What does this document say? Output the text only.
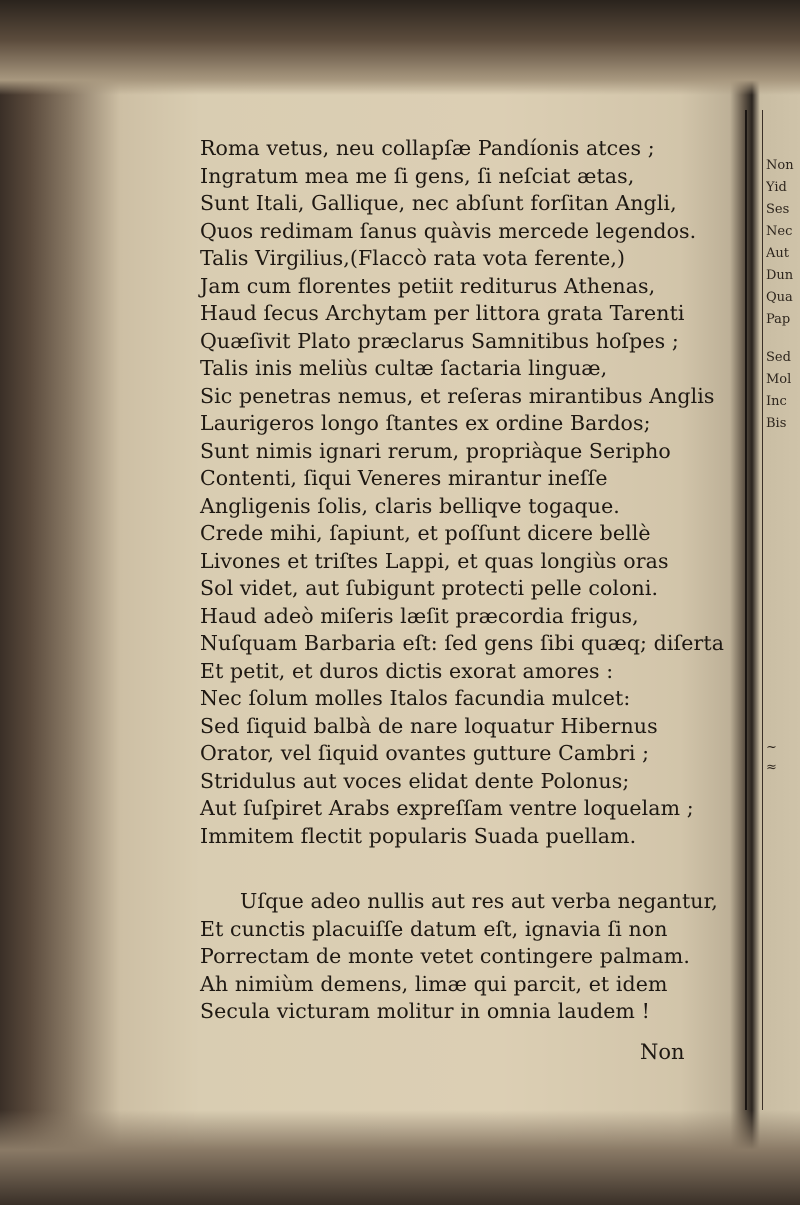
Roma vetus, neu collapſæ Pandíonis atces ;
Ingratum mea me ſi gens, ſi neſciat ætas,
Sunt Itali, Gallique, nec abſunt forſitan Angli,
Quos redimam ſanus quàvis mercede legendos.
Talis Virgilius,(Flaccò rata vota ferente,)
Jam cum florentes petiit rediturus Athenas,
Haud ſecus Archytam per littora grata Tarenti
Quæſivit Plato præclarus Samnitibus hoſpes ;
Talis inis meliùs cultæ ſactaria linguæ,
Sic penetras nemus, et reſeras mirantibus Anglis
Laurigeros longo ſtantes ex ordine Bardos;
Sunt nimis ignari rerum, propriàque Seripho
Contenti, ſiqui Veneres mirantur ineſſe
Angligenis ſolis, claris belliqve togaque.
Crede mihi, ſapiunt, et poſſunt dicere bellè
Livones et triſtes Lappi, et quas longiùs oras
Sol videt, aut ſubigunt protecti pelle coloni.
Haud adeò miſeris læſit præcordia frigus,
Nuſquam Barbaria eſt: ſed gens ſibi quæq; diſerta
Et petit, et duros dictis exorat amores :
Nec ſolum molles Italos facundia mulcet:
Sed ſiquid balbà de nare loquatur Hibernus
Orator, vel ſiquid ovantes gutture Cambri ;
Stridulus aut voces elidat dente Polonus;
Aut ſuſpiret Arabs expreſſam ventre loquelam ;
Immitem flectit popularis Suada puellam.
Uſque adeo nullis aut res aut verba negantur,
Et cunctis placuiſſe datum eſt, ignavia ſi non
Porrectam de monte vetet contingere palmam.
Ah nimiùm demens, limæ qui parcit, et idem
Secula victuram molitur in omnia laudem !
Non
Non
Yid
Ses
Nec
Aut
Dun
Qua
Pap
Sed
Mol
Inc
Bis
~
≈
